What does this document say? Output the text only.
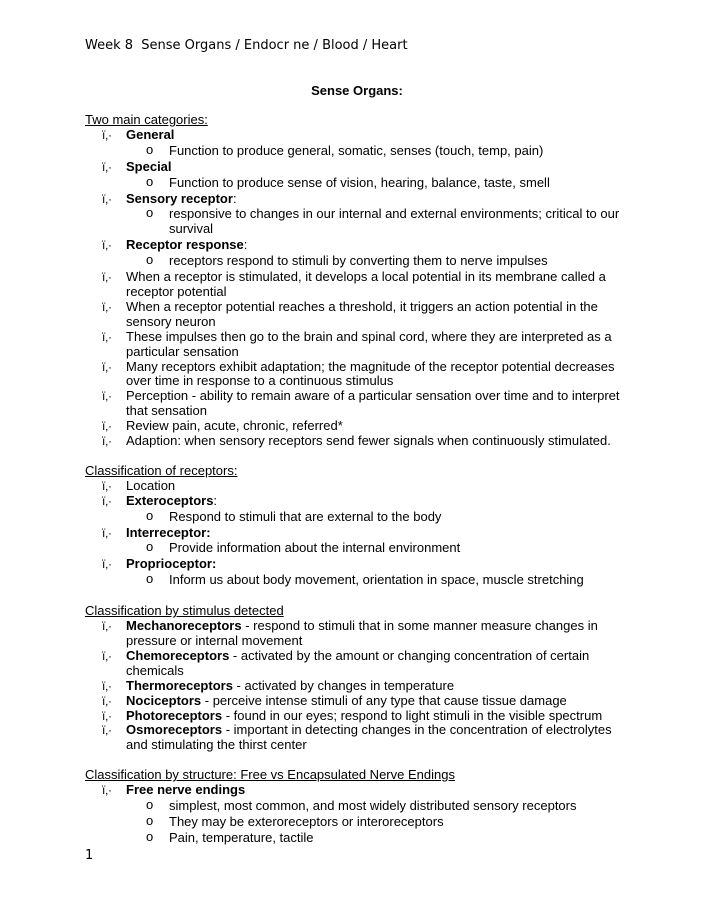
Week 8  Sense Organs / Endocr ne / Blood / Heart
Sense Organs:

Two main categories:

ï‚· General
o Function to produce general, somatic, senses (touch, temp, pain)
ï‚· Special
o Function to produce sense of vision, hearing, balance, taste, smell
ï‚· Sensory receptor:
o responsive to changes in our internal and external environments; critical to our survival
ï‚· Receptor response:
o receptors respond to stimuli by converting them to nerve impulses
ï‚· When a receptor is stimulated, it develops a local potential in its membrane called a receptor potential
ï‚· When a receptor potential reaches a threshold, it triggers an action potential in the sensory neuron
ï‚· These impulses then go to the brain and spinal cord, where they are interpreted as a particular sensation
ï‚· Many receptors exhibit adaptation; the magnitude of the receptor potential decreases over time in response to a continuous stimulus
ï‚· Perception - ability to remain aware of a particular sensation over time and to interpret that sensation
ï‚· Review pain, acute, chronic, referred*
ï‚· Adaption: when sensory receptors send fewer signals when continuously stimulated.

Classification of receptors:

ï‚· Location
ï‚· Exteroceptors:
o Respond to stimuli that are external to the body
ï‚· Interreceptor:
o Provide information about the internal environment
ï‚· Proprioceptor:
o Inform us about body movement, orientation in space, muscle stretching

Classification by stimulus detected

ï‚· Mechanoreceptors - respond to stimuli that in some manner measure changes in pressure or internal movement
ï‚· Chemoreceptors - activated by the amount or changing concentration of certain chemicals
ï‚· Thermoreceptors - activated by changes in temperature
ï‚· Nociceptors - perceive intense stimuli of any type that cause tissue damage
ï‚· Photoreceptors - found in our eyes; respond to light stimuli in the visible spectrum
ï‚· Osmoreceptors - important in detecting changes in the concentration of electrolytes and stimulating the thirst center

Classification by structure: Free vs Encapsulated Nerve Endings

ï‚· Free nerve endings
o simplest, most common, and most widely distributed sensory receptors
o They may be exteroreceptors or interoreceptors
o Pain, temperature, tactile
1
